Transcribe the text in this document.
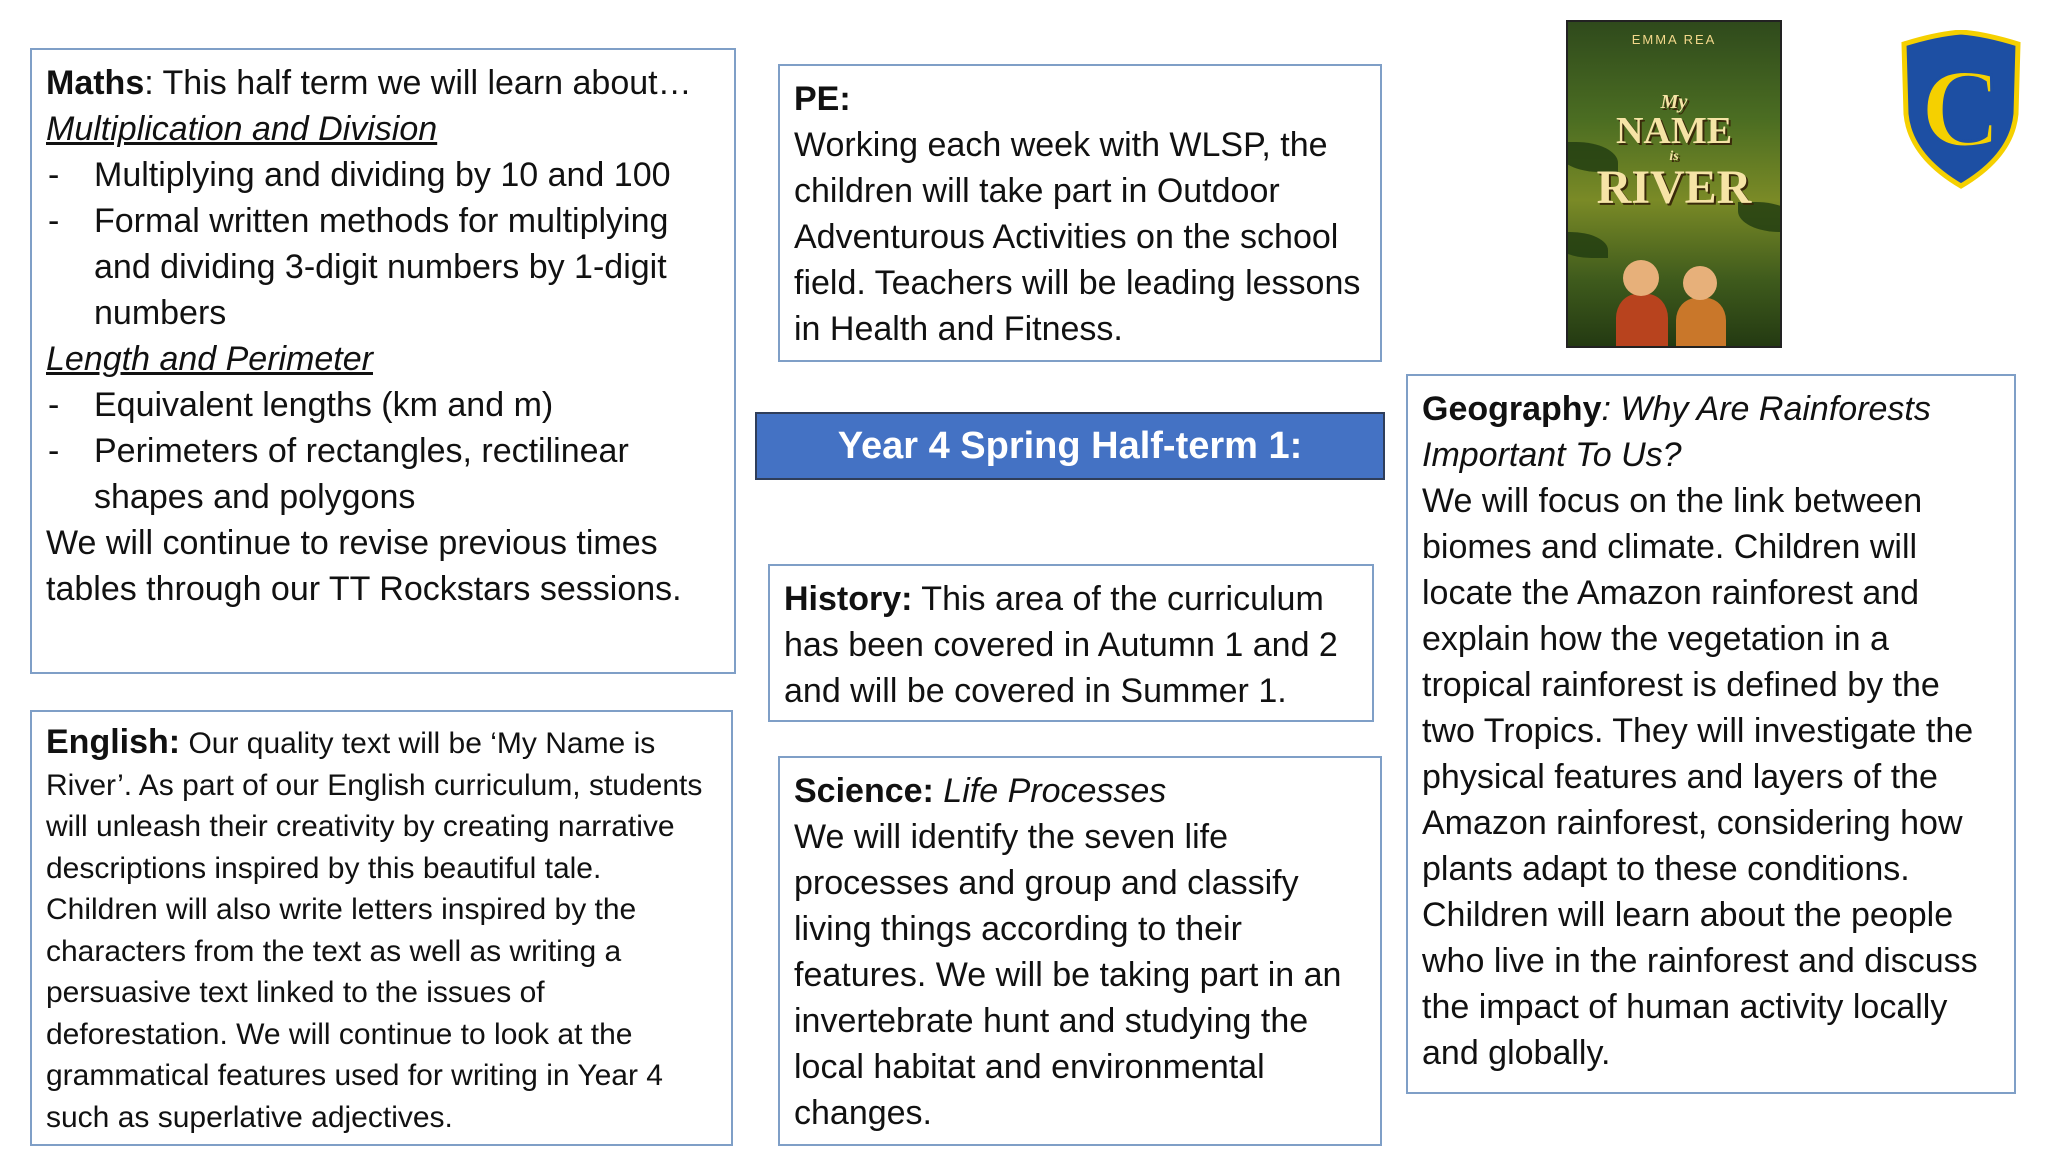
Maths: This half term we will learn about…

Multiplication and Division

- Multiplying and dividing by 10 and 100
- Formal written methods for multiplying and dividing 3-digit numbers by 1-digit numbers

Length and Perimeter

- Equivalent lengths (km and m)
- Perimeters of rectangles, rectilinear shapes and polygons

We will continue to revise previous times tables through our TT Rockstars sessions.

English: Our quality text will be ‘My Name is River’. As part of our English curriculum, students will unleash their creativity by creating narrative descriptions inspired by this beautiful tale. Children will also write letters inspired by the characters from the text as well as writing a persuasive text linked to the issues of deforestation. We will continue to look at the grammatical features used for writing in Year 4 such as superlative adjectives.

PE:

Working each week with WLSP, the children will take part in Outdoor Adventurous Activities on the school field. Teachers will be leading lessons in Health and Fitness.

Year 4 Spring Half-term 1:

History: This area of the curriculum has been covered in Autumn 1 and 2 and will be covered in Summer 1.

Science: Life Processes

We will identify the seven life processes and group and classify living things according to their features. We will be taking part in an invertebrate hunt and studying the local habitat and environmental changes.

Geography: Why Are Rainforests Important To Us?

We will focus on the link between biomes and climate. Children will locate the Amazon rainforest and explain how the vegetation in a tropical rainforest is defined by the two Tropics. They will investigate the physical features and layers of the Amazon rainforest, considering how plants adapt to these conditions. Children will learn about the people who live in the rainforest and discuss the impact of human activity locally and globally.

EMMA REA
My
NAME
is
RIVER
C
